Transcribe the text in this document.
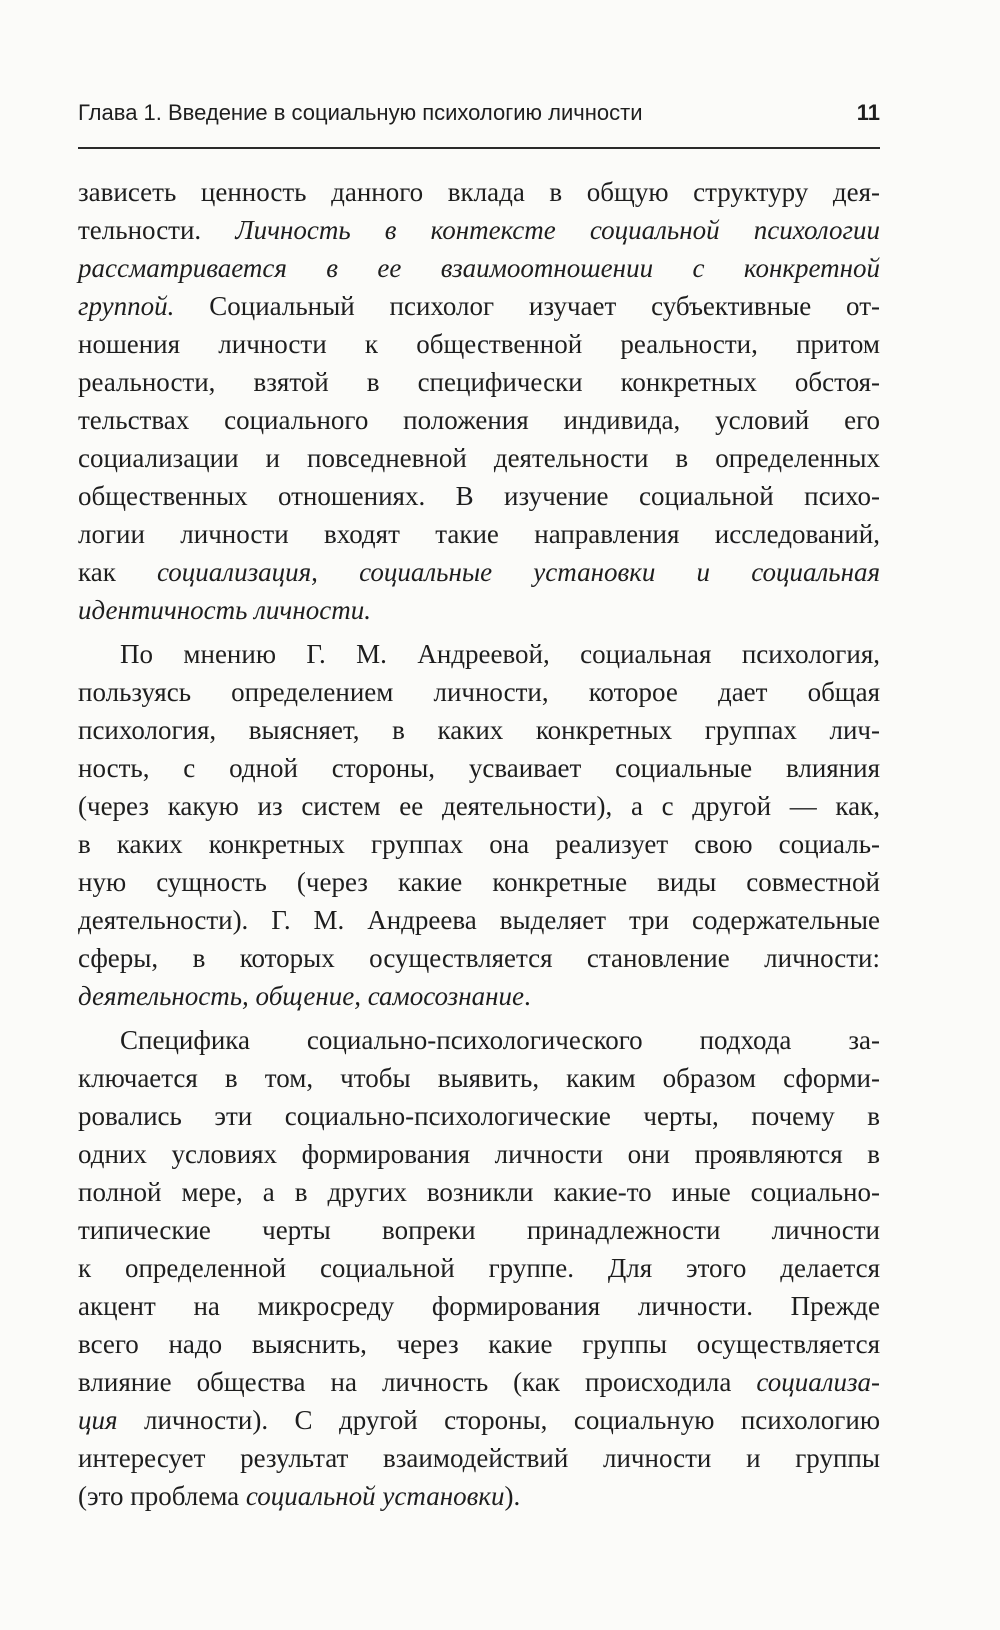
Глава 1. Введение в социальную психологию личности	11
зависеть ценность данного вклада в общую структуру дея-
тельности. Личность в контексте социальной психологии
рассматривается в ее взаимоотношении с конкретной
группой. Социальный психолог изучает субъективные от-
ношения личности к общественной реальности, притом
реальности, взятой в специфически конкретных обстоя-
тельствах социального положения индивида, условий его
социализации и повседневной деятельности в определенных
общественных отношениях. В изучение социальной психо-
логии личности входят такие направления исследований,
как социализация, социальные установки и социальная
идентичность личности.
По мнению Г. М. Андреевой, социальная психология,
пользуясь определением личности, которое дает общая
психология, выясняет, в каких конкретных группах лич-
ность, с одной стороны, усваивает социальные влияния
(через какую из систем ее деятельности), а с другой — как,
в каких конкретных группах она реализует свою социаль-
ную сущность (через какие конкретные виды совместной
деятельности). Г. М. Андреева выделяет три содержательные
сферы, в которых осуществляется становление личности:
деятельность, общение, самосознание.
Специфика социально-психологического подхода за-
ключается в том, чтобы выявить, каким образом сформи-
ровались эти социально-психологические черты, почему в
одних условиях формирования личности они проявляются в
полной мере, а в других возникли какие-то иные социально-
типические черты вопреки принадлежности личности
к определенной социальной группе. Для этого делается
акцент на микросреду формирования личности. Прежде
всего надо выяснить, через какие группы осуществляется
влияние общества на личность (как происходила социализа-
ция личности). С другой стороны, социальную психологию
интересует результат взаимодействий личности и группы
(это проблема социальной установки).
